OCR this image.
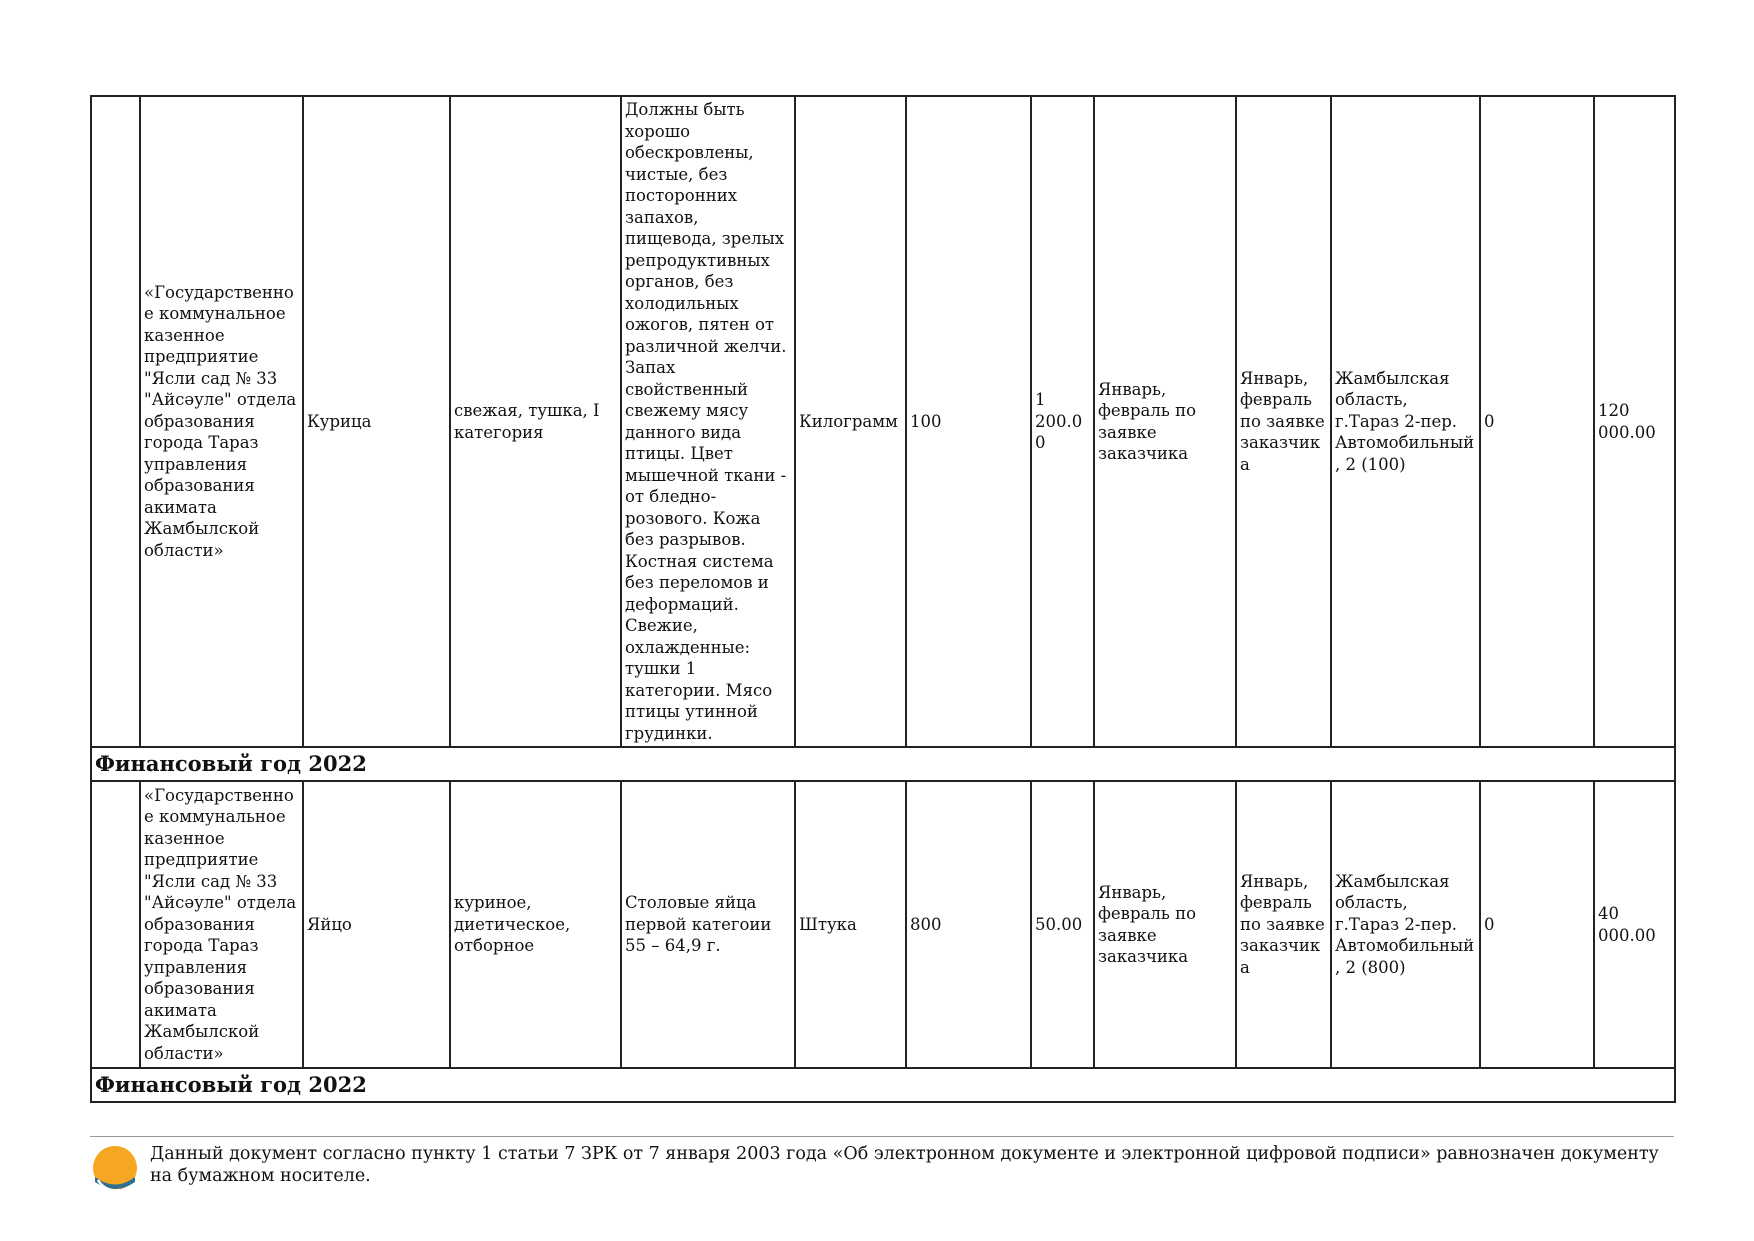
	«Государственное коммунальное казенное предприятие "Ясли сад № 33 "Айсәуле" отдела образования города Тараз управления образования акимата Жамбылской области»	Курица	свежая, тушка, I категория	Должны быть хорошо обескровлены, чистые, без посторонних запахов, пищевода, зрелых репродуктивных органов, без холодильных ожогов, пятен от различной желчи. Запах свойственный свежему мясу данного вида птицы. Цвет мышечной ткани - от бледно-розового. Кожа без разрывов. Костная система без переломов и деформаций. Свежие, охлажденные: тушки 1 категории. Мясо птицы утинной грудинки.	Килограмм	100	1 200.00	Январь, февраль по заявке заказчика	Январь, февраль по заявке заказчика	Жамбылская область, г.Тараз 2-пер. Автомобильный, 2 (100)	0	120 000.00
Финансовый год 2022												
	«Государственное коммунальное казенное предприятие "Ясли сад № 33 "Айсәуле" отдела образования города Тараз управления образования акимата Жамбылской области»	Яйцо	куриное, диетическое, отборное	Столовые яйца первой категоии 55 – 64,9 г.	Штука	800	50.00	Январь, февраль по заявке заказчика	Январь, февраль по заявке заказчика	Жамбылская область, г.Тараз 2-пер. Автомобильный, 2 (800)	0	40 000.00
Финансовый год 2022												
Данный документ согласно пункту 1 статьи 7 ЗРК от 7 января 2003 года «Об электронном документе и электронной цифровой подписи» равнозначен документу на бумажном носителе.
